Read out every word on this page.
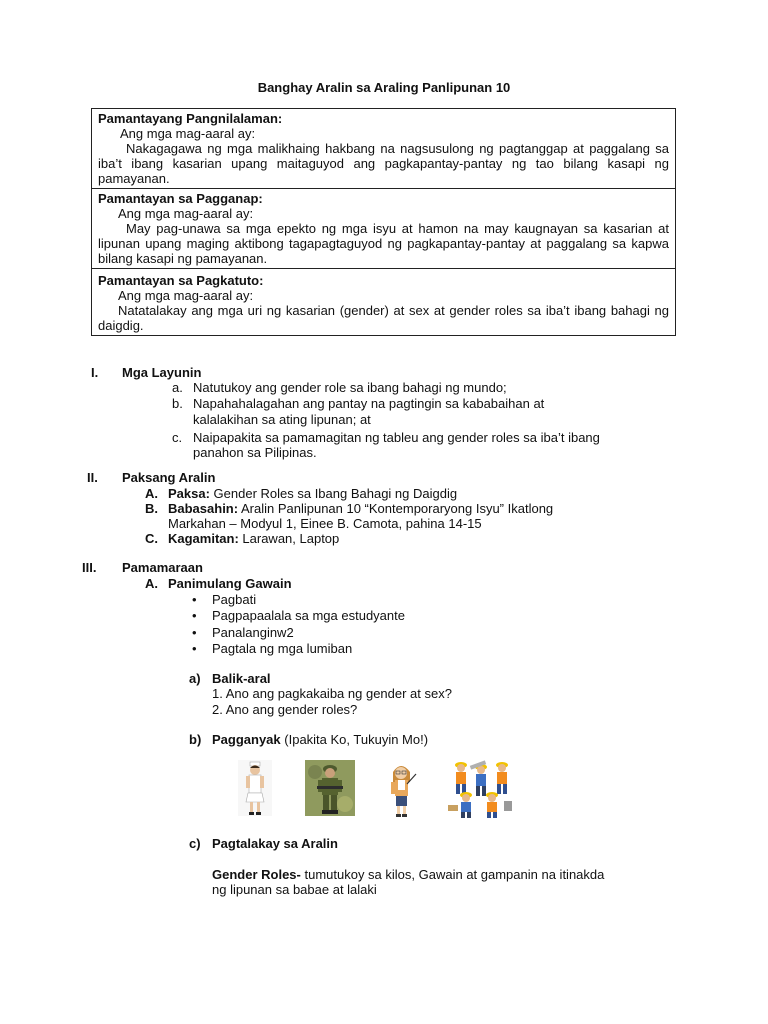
Banghay Aralin sa Araling Panlipunan 10
Pamantayang Pangnilalaman:
Ang mga mag-aaral ay:
Nakagagawa ng mga malikhaing hakbang na nagsusulong ng pagtanggap at paggalang sa iba’t ibang kasarian upang maitaguyod ang pagkapantay-pantay ng tao bilang kasapi ng pamayanan.
Pamantayan sa Pagganap:
Ang mga mag-aaral ay:
May pag-unawa sa mga epekto ng mga isyu at hamon na may kaugnayan sa kasarian at lipunan upang maging aktibong tagapagtaguyod ng pagkapantay-pantay at paggalang sa kapwa bilang kasapi ng pamayanan.
Pamantayan sa Pagkatuto:
Ang mga mag-aaral ay:
Natatalakay ang mga uri ng kasarian (gender) at sex at gender roles sa iba’t ibang bahagi ng daigdig.
I.	Mga Layunin
a. Natutukoy ang gender role sa ibang bahagi ng mundo;
b. Napahahalagahan ang pantay na pagtingin sa kababaihan at
kalalakihan sa ating lipunan; at
c. Naipapakita sa pamamagitan ng tableu ang gender roles sa iba’t ibang
panahon sa Pilipinas.
II.	Paksang Aralin
A. Paksa: Gender Roles sa Ibang Bahagi ng Daigdig
B. Babasahin: Aralin Panlipunan 10 “Kontemporaryong Isyu” Ikatlong
Markahan – Modyul 1, Einee B. Camota, pahina 14-15
C. Kagamitan: Larawan, Laptop
III.	Pamamaraan
A. Panimulang Gawain
• Pagbati
• Pagpapaalala sa mga estudyante
• Panalanginw2
• Pagtala ng mga lumiban
a) Balik-aral
1. Ano ang pagkakaiba ng gender at sex?
2. Ano ang gender roles?
b) Pagganyak (Ipakita Ko, Tukuyin Mo!)
c) Pagtalakay sa Aralin
Gender Roles- tumutukoy sa kilos, Gawain at gampanin na itinakda
ng lipunan sa babae at lalaki
